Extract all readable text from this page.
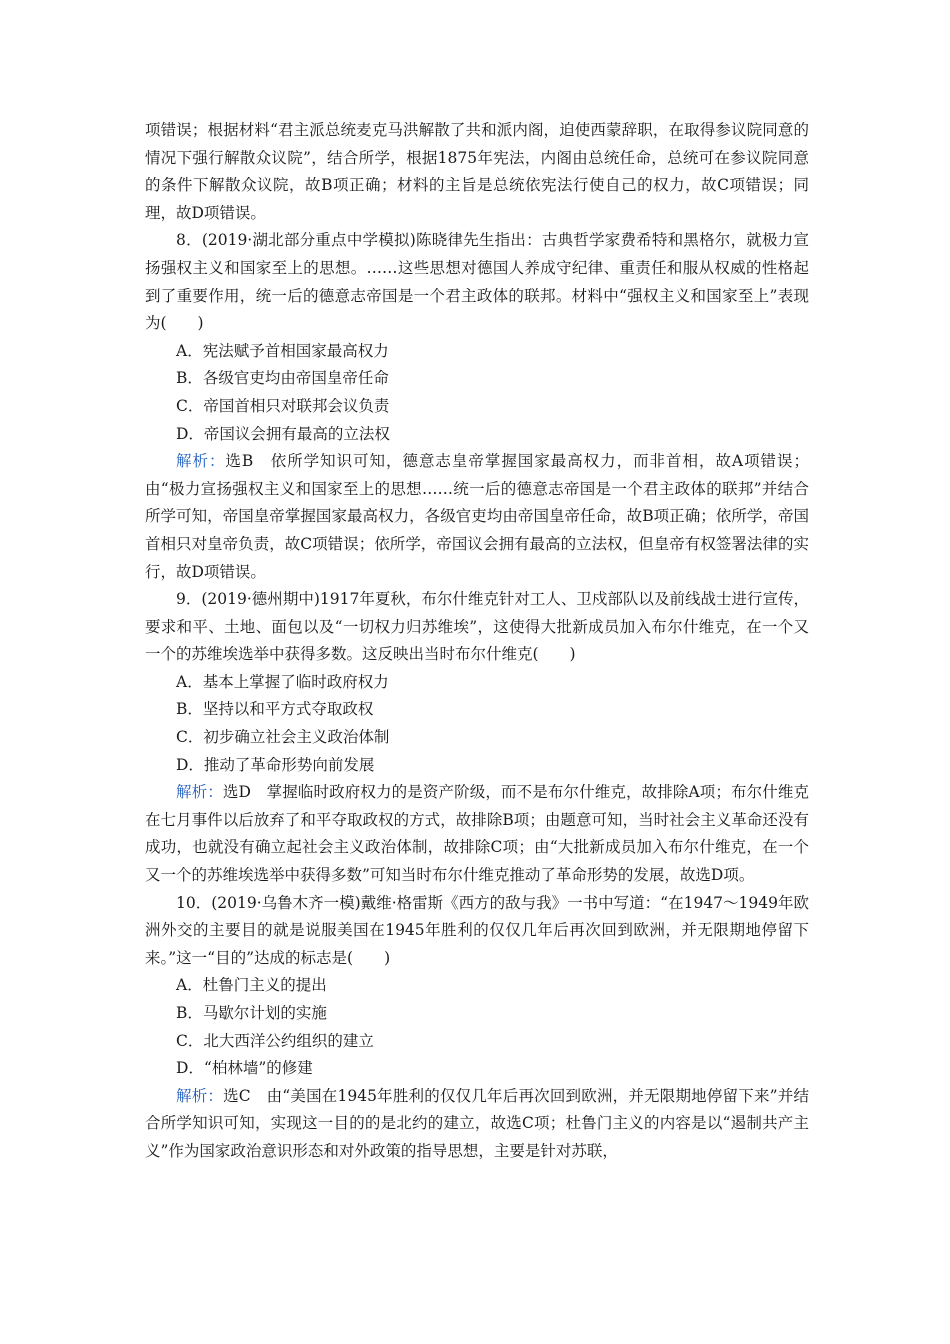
项错误；根据材料“君主派总统麦克马洪解散了共和派内阁，迫使西蒙辞职，在取得参议院同意的情况下强行解散众议院”，结合所学，根据1875年宪法，内阁由总统任命，总统可在参议院同意的条件下解散众议院，故B项正确；材料的主旨是总统依宪法行使自己的权力，故C项错误；同理，故D项错误。

8．(2019·湖北部分重点中学模拟)陈晓律先生指出：古典哲学家费希特和黑格尔，就极力宣扬强权主义和国家至上的思想。……这些思想对德国人养成守纪律、重责任和服从权威的性格起到了重要作用，统一后的德意志帝国是一个君主政体的联邦。材料中“强权主义和国家至上”表现为(　　)

A．宪法赋予首相国家最高权力

B．各级官吏均由帝国皇帝任命

C．帝国首相只对联邦会议负责

D．帝国议会拥有最高的立法权

解析：选B　依所学知识可知，德意志皇帝掌握国家最高权力，而非首相，故A项错误；由“极力宣扬强权主义和国家至上的思想……统一后的德意志帝国是一个君主政体的联邦”并结合所学可知，帝国皇帝掌握国家最高权力，各级官吏均由帝国皇帝任命，故B项正确；依所学，帝国首相只对皇帝负责，故C项错误；依所学，帝国议会拥有最高的立法权，但皇帝有权签署法律的实行，故D项错误。

9．(2019·德州期中)1917年夏秋，布尔什维克针对工人、卫戍部队以及前线战士进行宣传，要求和平、土地、面包以及“一切权力归苏维埃”，这使得大批新成员加入布尔什维克，在一个又一个的苏维埃选举中获得多数。这反映出当时布尔什维克(　　)

A．基本上掌握了临时政府权力

B．坚持以和平方式夺取政权

C．初步确立社会主义政治体制

D．推动了革命形势向前发展

解析：选D　掌握临时政府权力的是资产阶级，而不是布尔什维克，故排除A项；布尔什维克在七月事件以后放弃了和平夺取政权的方式，故排除B项；由题意可知，当时社会主义革命还没有成功，也就没有确立起社会主义政治体制，故排除C项；由“大批新成员加入布尔什维克，在一个又一个的苏维埃选举中获得多数”可知当时布尔什维克推动了革命形势的发展，故选D项。

10．(2019·乌鲁木齐一模)戴维·格雷斯《西方的敌与我》一书中写道：“在1947～1949年欧洲外交的主要目的就是说服美国在1945年胜利的仅仅几年后再次回到欧洲，并无限期地停留下来。”这一“目的”达成的标志是(　　)

A．杜鲁门主义的提出

B．马歇尔计划的实施

C．北大西洋公约组织的建立

D．“柏林墙”的修建

解析：选C　由“美国在1945年胜利的仅仅几年后再次回到欧洲，并无限期地停留下来”并结合所学知识可知，实现这一目的的是北约的建立，故选C项；杜鲁门主义的内容是以“遏制共产主义”作为国家政治意识形态和对外政策的指导思想，主要是针对苏联，
